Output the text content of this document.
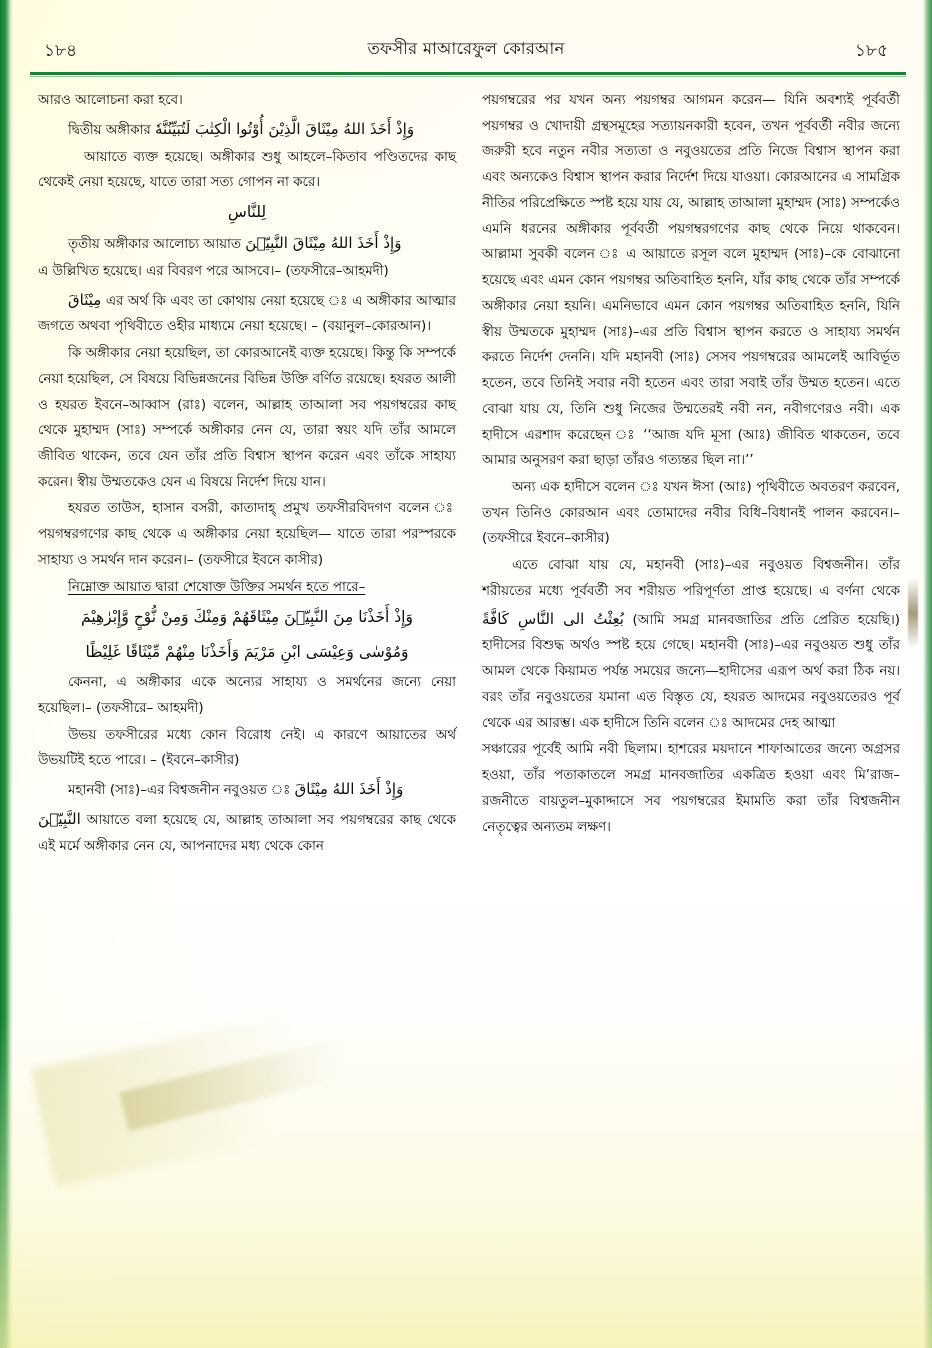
১৮৪	তফসীর মাআরেফুল কোরআন	১৮৫

আরও আলোচনা করা হবে।

দ্বিতীয় অঙ্গীকার وَإِذْ أَخَذَ اللهُ مِيْثَاقَ الَّذِيْنَ أُوْتُوا الْكِتٰبَ لَتُبَيِّنُنَّهٗ

আয়াতে ব্যক্ত হয়েছে। অঙ্গীকার শুধু আহলে–কিতাব পণ্ডিতদের কাছ থেকেই নেয়া হয়েছে, যাতে তারা সত্য গোপন না করে।

لِلنَّاسِ

তৃতীয় অঙ্গীকার আলোচ্য আয়াত وَإِذْ أَخَذَ اللهُ مِيْثَاقَ النَّبِيّٖنَ

এ উল্লিখিত হয়েছে। এর বিবরণ পরে আসবে।– (তফসীরে–আহমদী)

مِيْثَاقَ এর অর্থ কি এবং তা কোথায় নেয়া হয়েছে ঃ এ অঙ্গীকার আত্মার জগতে অথবা পৃথিবীতে ওহীর মাধ্যমে নেয়া হয়েছে। – (বয়ানুল–কোরআন)।

কি অঙ্গীকার নেয়া হয়েছিল, তা কোরআনেই ব্যক্ত হয়েছে। কিন্তু কি সম্পর্কে নেয়া হয়েছিল, সে বিষয়ে বিভিন্নজনের বিভিন্ন উক্তি বর্ণিত রয়েছে। হযরত আলী ও হযরত ইবনে–আব্বাস (রাঃ) বলেন, আল্লাহ তাআলা সব পয়গম্বরের কাছ থেকে মুহাম্মদ (সাঃ) সম্পর্কে অঙ্গীকার নেন যে, তারা স্বয়ং যদি তাঁর আমলে জীবিত থাকেন, তবে যেন তাঁর প্রতি বিশ্বাস স্থাপন করেন এবং তাঁকে সাহায্য করেন। স্বীয় উম্মতকেও যেন এ বিষয়ে নির্দেশ দিয়ে যান।

হযরত তাউস, হাসান বসরী, কাতাদাহ্ প্রমুখ তফসীরবিদগণ বলেন ঃ পয়গম্বরগণের কাছ থেকে এ অঙ্গীকার নেয়া হয়েছিল— যাতে তারা পরস্পরকে সাহায্য ও সমর্থন দান করেন।– (তফসীরে ইবনে কাসীর)

নিম্নোক্ত আয়াত দ্বারা শেষোক্ত উক্তির সমর্থন হতে পারে–

وَإِذْ أَخَذْنَا مِنَ النَّبِيّٖنَ مِيْثَاقَهُمْ وَمِنْكَ وَمِنْ نُّوْحٍ وَّإِبْرٰهِيْمَ

وَمُوْسٰى وَعِيْسَى ابْنِ مَرْيَمَ وَأَخَذْنَا مِنْهُمْ مِّيْثَاقًا غَلِيْظًا

কেননা, এ অঙ্গীকার একে অন্যের সাহায্য ও সমর্থনের জন্যে নেয়া হয়েছিল।– (তফসীরে– আহমদী)

উভয় তফসীরের মধ্যে কোন বিরোধ নেই। এ কারণে আয়াতের অর্থ উভয়টিই হতে পারে। – (ইবনে–কাসীর)

মহানবী (সাঃ)–এর বিশ্বজনীন নবুওয়ত ঃ وَإِذْ أَخَذَ اللهُ مِيْثَاقَ

النَّبِيّٖنَ আয়াতে বলা হয়েছে যে, আল্লাহ তাআলা সব পয়গম্বরের কাছ থেকে এই মর্মে অঙ্গীকার নেন যে, আপনাদের মধ্য থেকে কোন

পয়গম্বরের পর যখন অন্য পয়গম্বর আগমন করেন— যিনি অবশ্যই পূর্ববর্তী পয়গম্বর ও খোদায়ী গ্রন্থসমূহের সত্যায়নকারী হবেন, তখন পূর্ববর্তী নবীর জন্যে জরুরী হবে নতুন নবীর সত্যতা ও নবুওয়তের প্রতি নিজে বিশ্বাস স্থাপন করা এবং অন্যকেও বিশ্বাস স্থাপন করার নির্দেশ দিয়ে যাওয়া। কোরআনের এ সামগ্রিক নীতির পরিপ্রেক্ষিতে স্পষ্ট হয়ে যায় যে, আল্লাহ তাআলা মুহাম্মদ (সাঃ) সম্পর্কেও এমনি ধরনের অঙ্গীকার পূর্ববর্তী পয়গম্বরগণের কাছ থেকে নিয়ে থাকবেন। আল্লামা সুবকী বলেন ঃ এ আয়াতে রসূল বলে মুহাম্মদ (সাঃ)–কে বোঝানো হয়েছে এবং এমন কোন পয়গম্বর অতিবাহিত হননি, যাঁর কাছ থেকে তাঁর সম্পর্কে অঙ্গীকার নেয়া হয়নি। এমনিভাবে এমন কোন পয়গম্বর অতিবাহিত হননি, যিনি স্বীয় উম্মতকে মুহাম্মদ (সাঃ)–এর প্রতি বিশ্বাস স্থাপন করতে ও সাহায্য সমর্থন করতে নির্দেশ দেননি। যদি মহানবী (সাঃ) সেসব পয়গম্বরের আমলেই আবির্ভূত হতেন, তবে তিনিই সবার নবী হতেন এবং তারা সবাই তাঁর উম্মত হতেন। এতে বোঝা যায় যে, তিনি শুধু নিজের উম্মতেরই নবী নন, নবীগণেরও নবী। এক হাদীসে এরশাদ করেছেন ঃ ‘‘আজ যদি মূসা (আঃ) জীবিত থাকতেন, তবে আমার অনুসরণ করা ছাড়া তাঁরও গত্যন্তর ছিল না।’’

অন্য এক হাদীসে বলেন ঃ যখন ঈসা (আঃ) পৃথিবীতে অবতরণ করবেন, তখন তিনিও কোরআন এবং তোমাদের নবীর বিধি–বিধানই পালন করবেন।– (তফসীরে ইবনে–কাসীর)

এতে বোঝা যায় যে, মহানবী (সাঃ)–এর নবুওয়ত বিশ্বজনীন। তাঁর শরীয়তের মধ্যে পূর্ববর্তী সব শরীয়ত পরিপূর্ণতা প্রাপ্ত হয়েছে। এ বর্ণনা থেকে بُعِثْتُ الى النَّاسِ كَافَّةً (আমি সমগ্র মানবজাতির প্রতি প্রেরিত হয়েছি।) হাদীসের বিশুদ্ধ অর্থও স্পষ্ট হয়ে গেছে। মহানবী (সাঃ)–এর নবুওয়ত শুধু তাঁর আমল থেকে কিয়ামত পর্যন্ত সময়ের জন্যে—হাদীসের এরূপ অর্থ করা ঠিক নয়। বরং তাঁর নবুওয়তের যমানা এত বিস্তৃত যে, হযরত আদমের নবুওয়তেরও পূর্ব থেকে এর আরম্ভ। এক হাদীসে তিনি বলেন ঃ আদমের দেহ আত্মা

সঞ্চারের পূর্বেই আমি নবী ছিলাম। হাশরের ময়দানে শাফাআতের জন্যে অগ্রসর হওয়া, তাঁর পতাকাতলে সমগ্র মানবজাতির একত্রিত হওয়া এবং মি’রাজ–রজনীতে বায়তুল–মুকাদ্দাসে সব পয়গম্বরের ইমামতি করা তাঁর বিশ্বজনীন নেতৃত্বের অন্যতম লক্ষণ।
